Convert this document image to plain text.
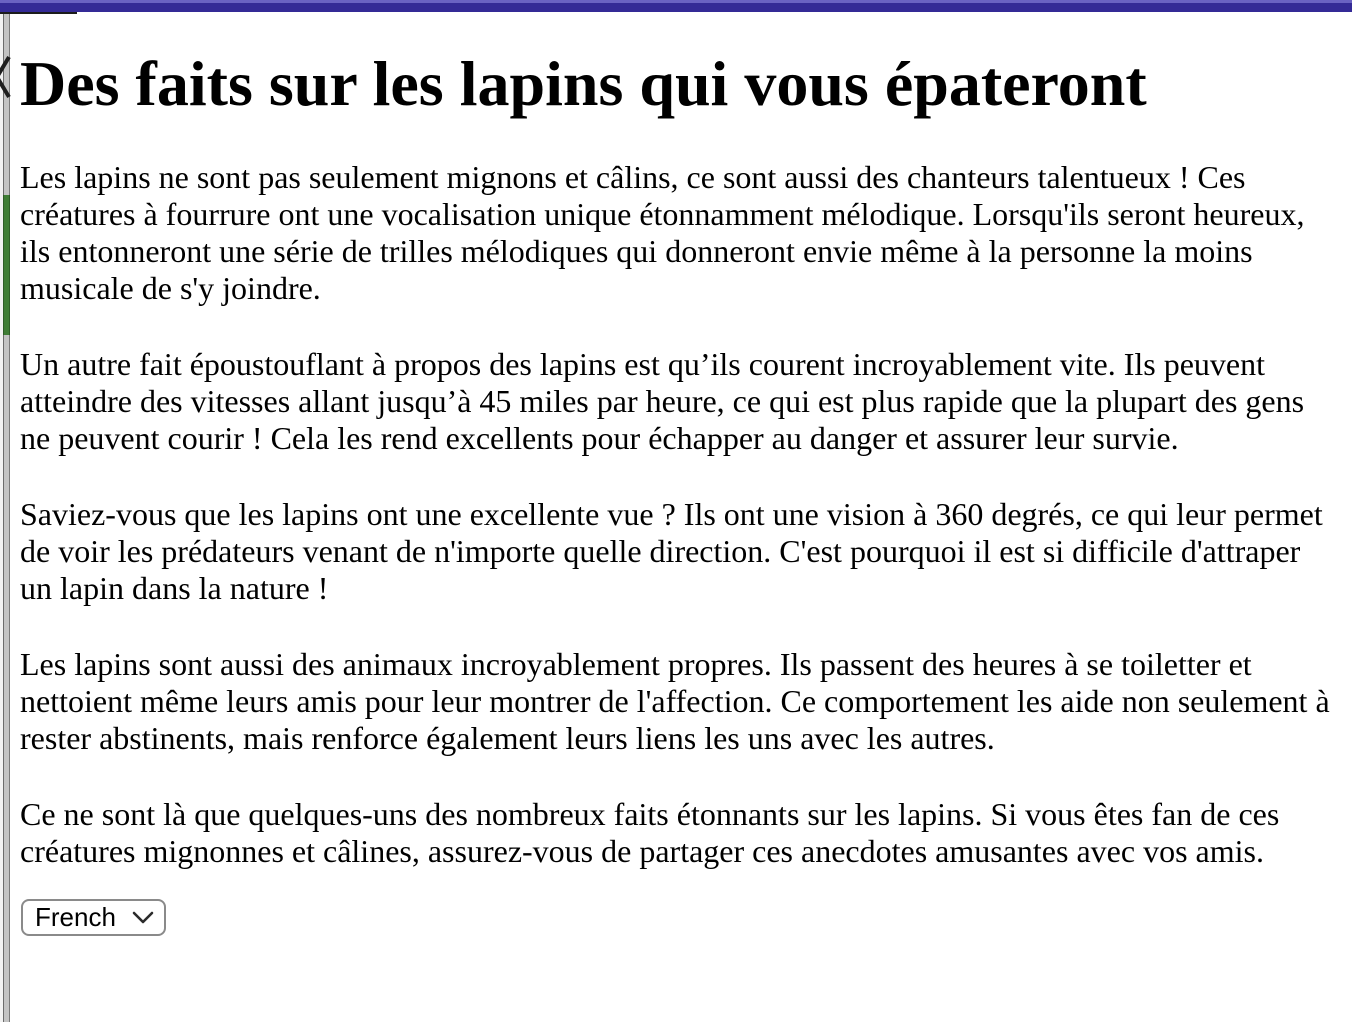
Des faits sur les lapins qui vous épateront

Les lapins ne sont pas seulement mignons et câlins, ce sont aussi des chanteurs talentueux ! Ces créatures à fourrure ont une vocalisation unique étonnamment mélodique. Lorsqu'ils seront heureux, ils entonneront une série de trilles mélodiques qui donneront envie même à la personne la moins musicale de s'y joindre.

Un autre fait époustouflant à propos des lapins est qu’ils courent incroyablement vite. Ils peuvent atteindre des vitesses allant jusqu’à 45 miles par heure, ce qui est plus rapide que la plupart des gens ne peuvent courir ! Cela les rend excellents pour échapper au danger et assurer leur survie.

Saviez-vous que les lapins ont une excellente vue ? Ils ont une vision à 360 degrés, ce qui leur permet de voir les prédateurs venant de n'importe quelle direction. C'est pourquoi il est si difficile d'attraper un lapin dans la nature !

Les lapins sont aussi des animaux incroyablement propres. Ils passent des heures à se toiletter et nettoient même leurs amis pour leur montrer de l'affection. Ce comportement les aide non seulement à rester abstinents, mais renforce également leurs liens les uns avec les autres.

Ce ne sont là que quelques-uns des nombreux faits étonnants sur les lapins. Si vous êtes fan de ces créatures mignonnes et câlines, assurez-vous de partager ces anecdotes amusantes avec vos amis.

French
